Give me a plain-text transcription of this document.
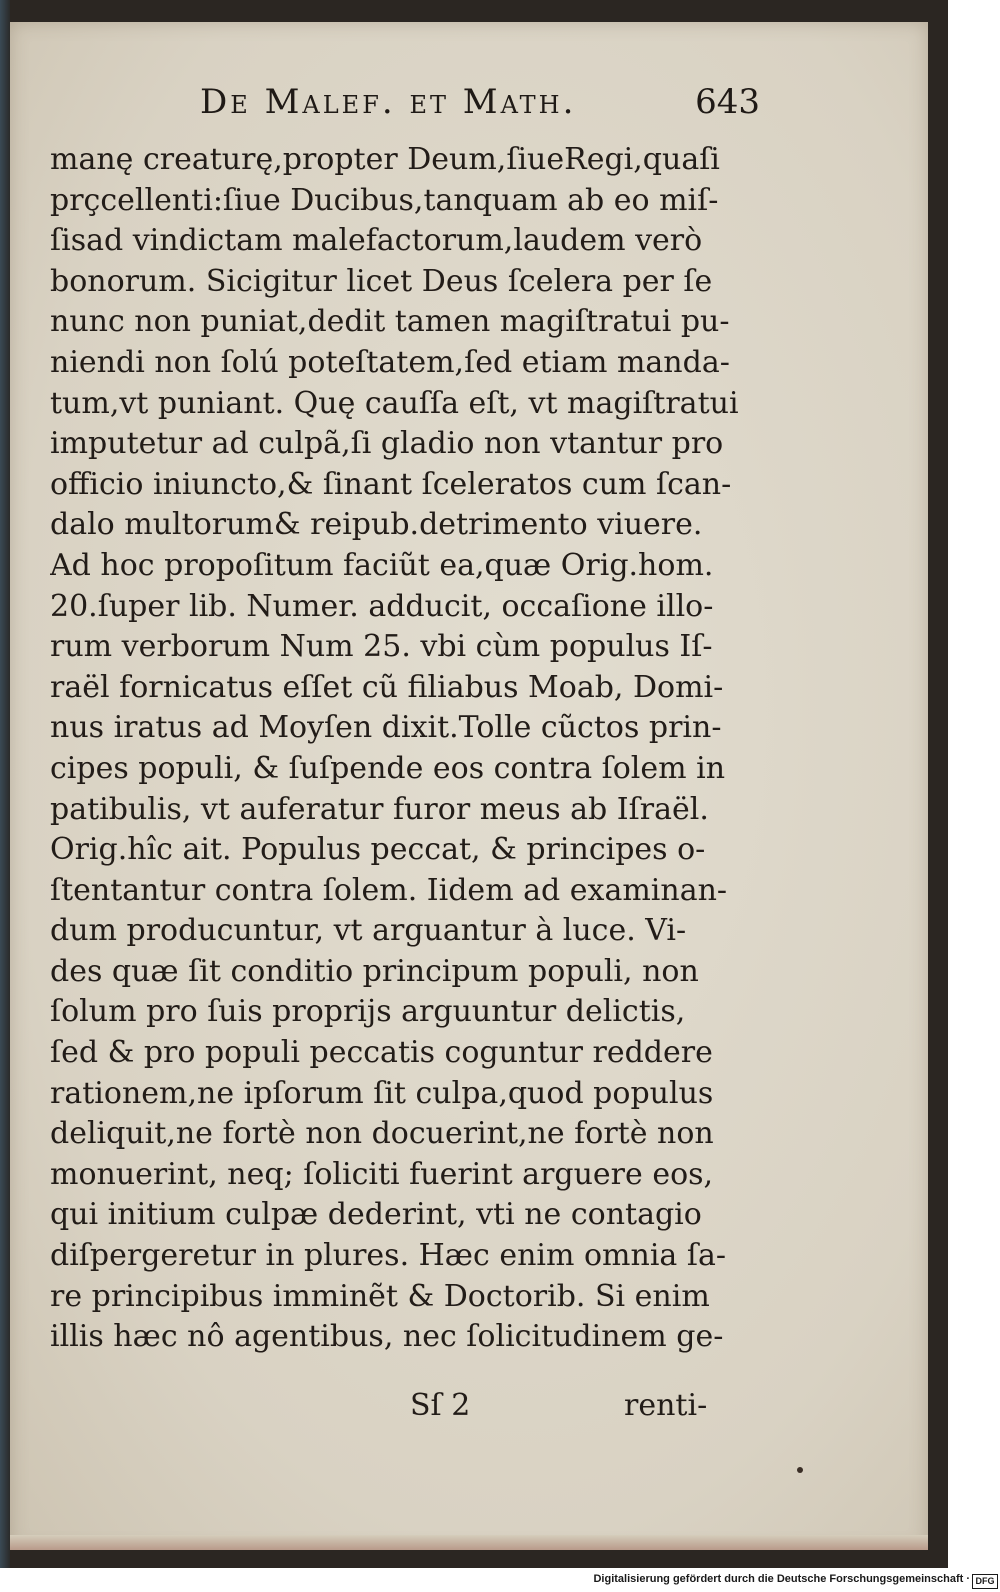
De Malef. et Math.	643
manę creaturę,propter Deum,ſiueRegi,quaſi
prçcellenti:ſiue Ducibus,tanquam ab eo miſ-
ſisad vindictam malefactorum,laudem verò
bonorum. Sicigitur licet Deus ſcelera per ſe
nunc non puniat,dedit tamen magiſtratui pu-
niendi non ſolú poteſtatem,ſed etiam manda-
tum,vt puniant. Quę cauſſa eſt, vt magiſtratui
imputetur ad culpã,ſi gladio non vtantur pro
officio iniuncto,& ſinant ſceleratos cum ſcan-
dalo multorum& reipub.detrimento viuere.
Ad hoc propoſitum faciũt ea,quæ Orig.hom.
20.ſuper lib. Numer. adducit, occaſione illo-
rum verborum Num 25. vbi cùm populus Iſ-
raël fornicatus eſſet cũ filiabus Moab, Domi-
nus iratus ad Moyſen dixit.Tolle cũctos prin-
cipes populi, & ſuſpende eos contra ſolem in
patibulis, vt auferatur furor meus ab Iſraël.
Orig.hîc ait. Populus peccat, & principes o-
ſtentantur contra ſolem. Iidem ad examinan-
dum producuntur, vt arguantur à luce. Vi-
des quæ ſit conditio principum populi, non
ſolum pro ſuis proprijs arguuntur delictis,
ſed & pro populi peccatis coguntur reddere
rationem,ne ipſorum ſit culpa,quod populus
deliquit,ne fortè non docuerint,ne fortè non
monuerint, neq; ſoliciti fuerint arguere eos,
qui initium culpæ dederint, vti ne contagio
diſpergeretur in plures. Hæc enim omnia ſa-
re principibus imminẽt & Doctorib. Si enim
illis hæc nô agentibus, nec ſolicitudinem ge-
Sſ 2	renti-
Digitalisierung gefördert durch die Deutsche Forschungsgemeinschaft · DFG
